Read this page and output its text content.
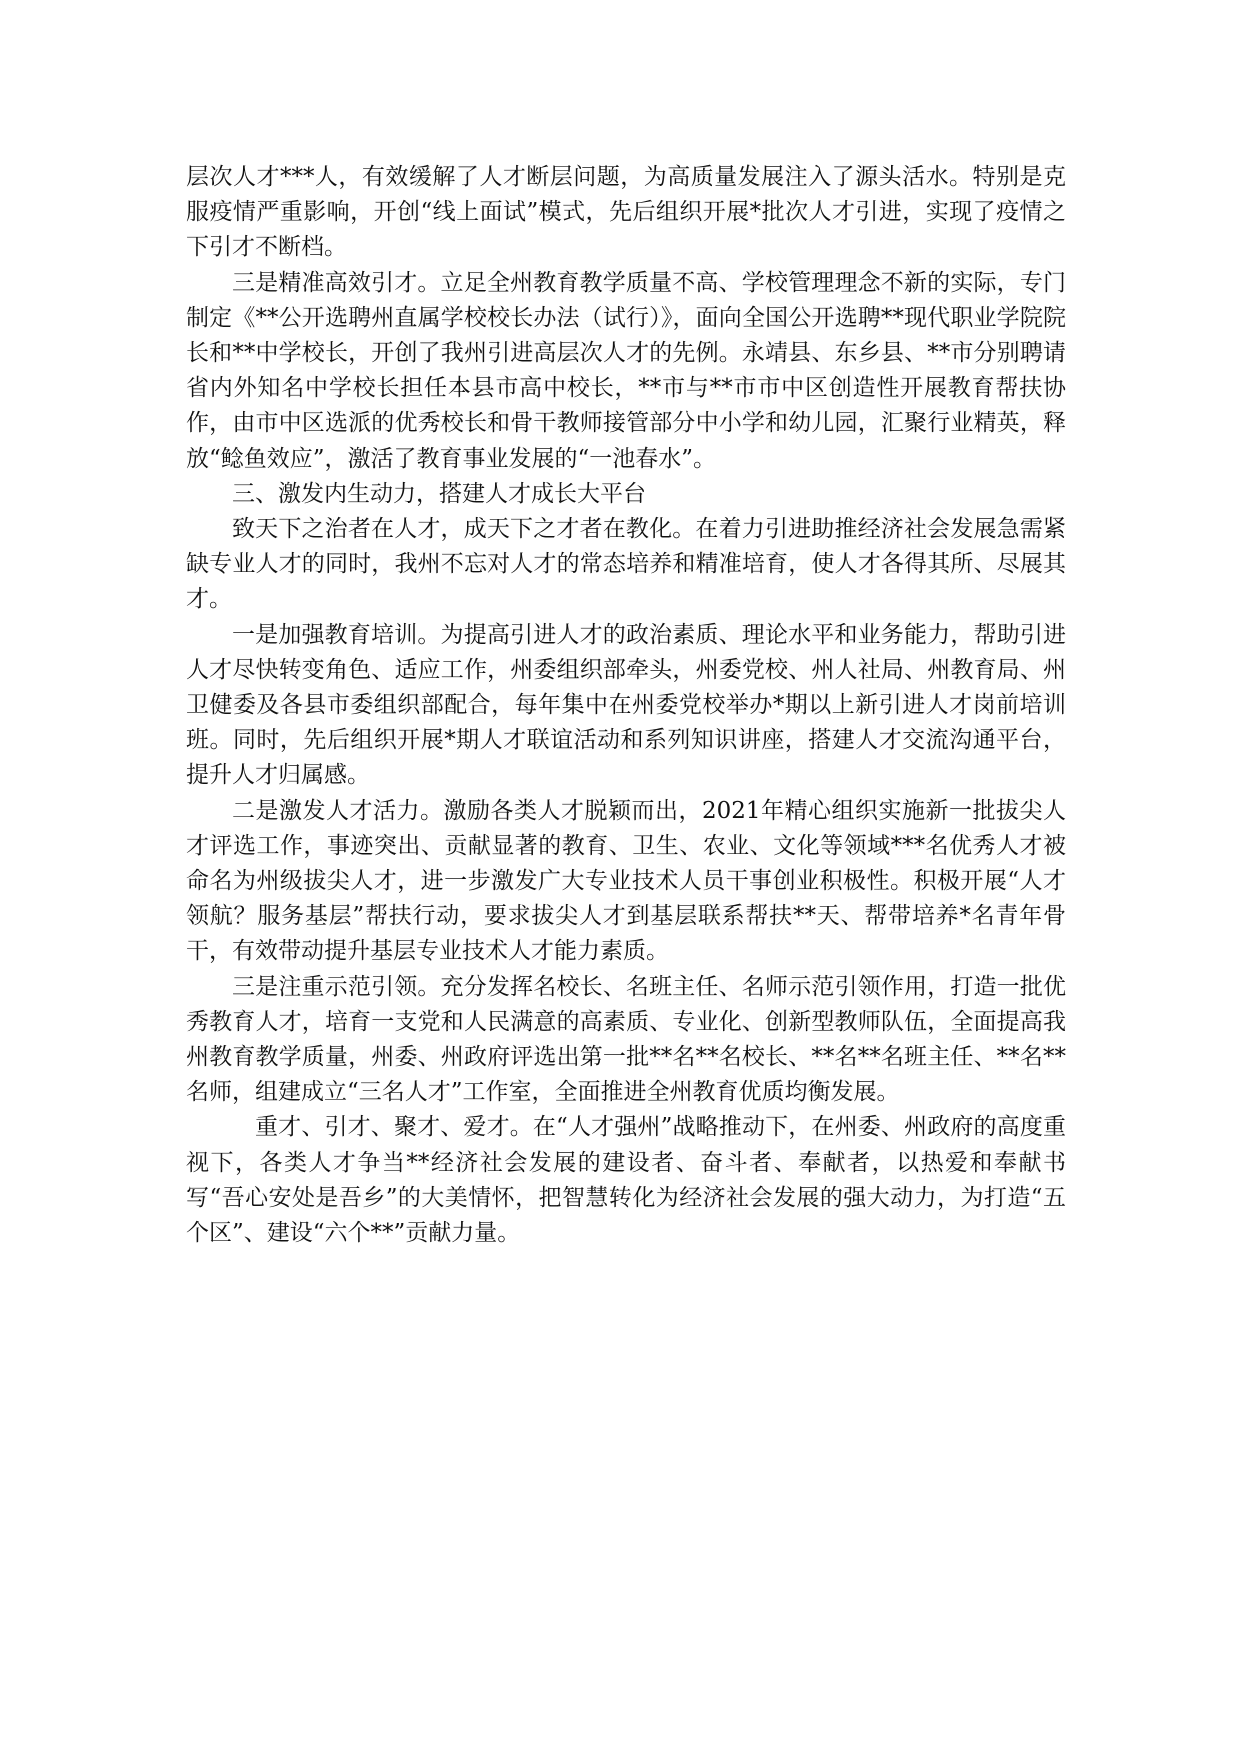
层次人才***人，有效缓解了人才断层问题，为高质量发展注入了源头活水。特别是克服疫情严重影响，开创“线上面试”模式，先后组织开展*批次人才引进，实现了疫情之下引才不断档。

三是精准高效引才。立足全州教育教学质量不高、学校管理理念不新的实际，专门制定《**公开选聘州直属学校校长办法（试行）》，面向全国公开选聘**现代职业学院院长和**中学校长，开创了我州引进高层次人才的先例。永靖县、东乡县、**市分别聘请省内外知名中学校长担任本县市高中校长，**市与**市市中区创造性开展教育帮扶协作，由市中区选派的优秀校长和骨干教师接管部分中小学和幼儿园，汇聚行业精英，释放“鲶鱼效应”，激活了教育事业发展的“一池春水”。

三、激发内生动力，搭建人才成长大平台

致天下之治者在人才，成天下之才者在教化。在着力引进助推经济社会发展急需紧缺专业人才的同时，我州不忘对人才的常态培养和精准培育，使人才各得其所、尽展其才。

一是加强教育培训。为提高引进人才的政治素质、理论水平和业务能力，帮助引进人才尽快转变角色、适应工作，州委组织部牵头，州委党校、州人社局、州教育局、州卫健委及各县市委组织部配合，每年集中在州委党校举办*期以上新引进人才岗前培训班。同时，先后组织开展*期人才联谊活动和系列知识讲座，搭建人才交流沟通平台，提升人才归属感。

二是激发人才活力。激励各类人才脱颖而出，2021年精心组织实施新一批拔尖人才评选工作，事迹突出、贡献显著的教育、卫生、农业、文化等领域***名优秀人才被命名为州级拔尖人才，进一步激发广大专业技术人员干事创业积极性。积极开展“人才领航？服务基层”帮扶行动，要求拔尖人才到基层联系帮扶**天、帮带培养*名青年骨干，有效带动提升基层专业技术人才能力素质。

三是注重示范引领。充分发挥名校长、名班主任、名师示范引领作用，打造一批优秀教育人才，培育一支党和人民满意的高素质、专业化、创新型教师队伍，全面提高我州教育教学质量，州委、州政府评选出第一批**名**名校长、**名**名班主任、**名**名师，组建成立“三名人才”工作室，全面推进全州教育优质均衡发展。

重才、引才、聚才、爱才。在“人才强州”战略推动下，在州委、州政府的高度重视下，各类人才争当**经济社会发展的建设者、奋斗者、奉献者，以热爱和奉献书写“吾心安处是吾乡”的大美情怀，把智慧转化为经济社会发展的强大动力，为打造“五个区”、建设“六个**”贡献力量。
